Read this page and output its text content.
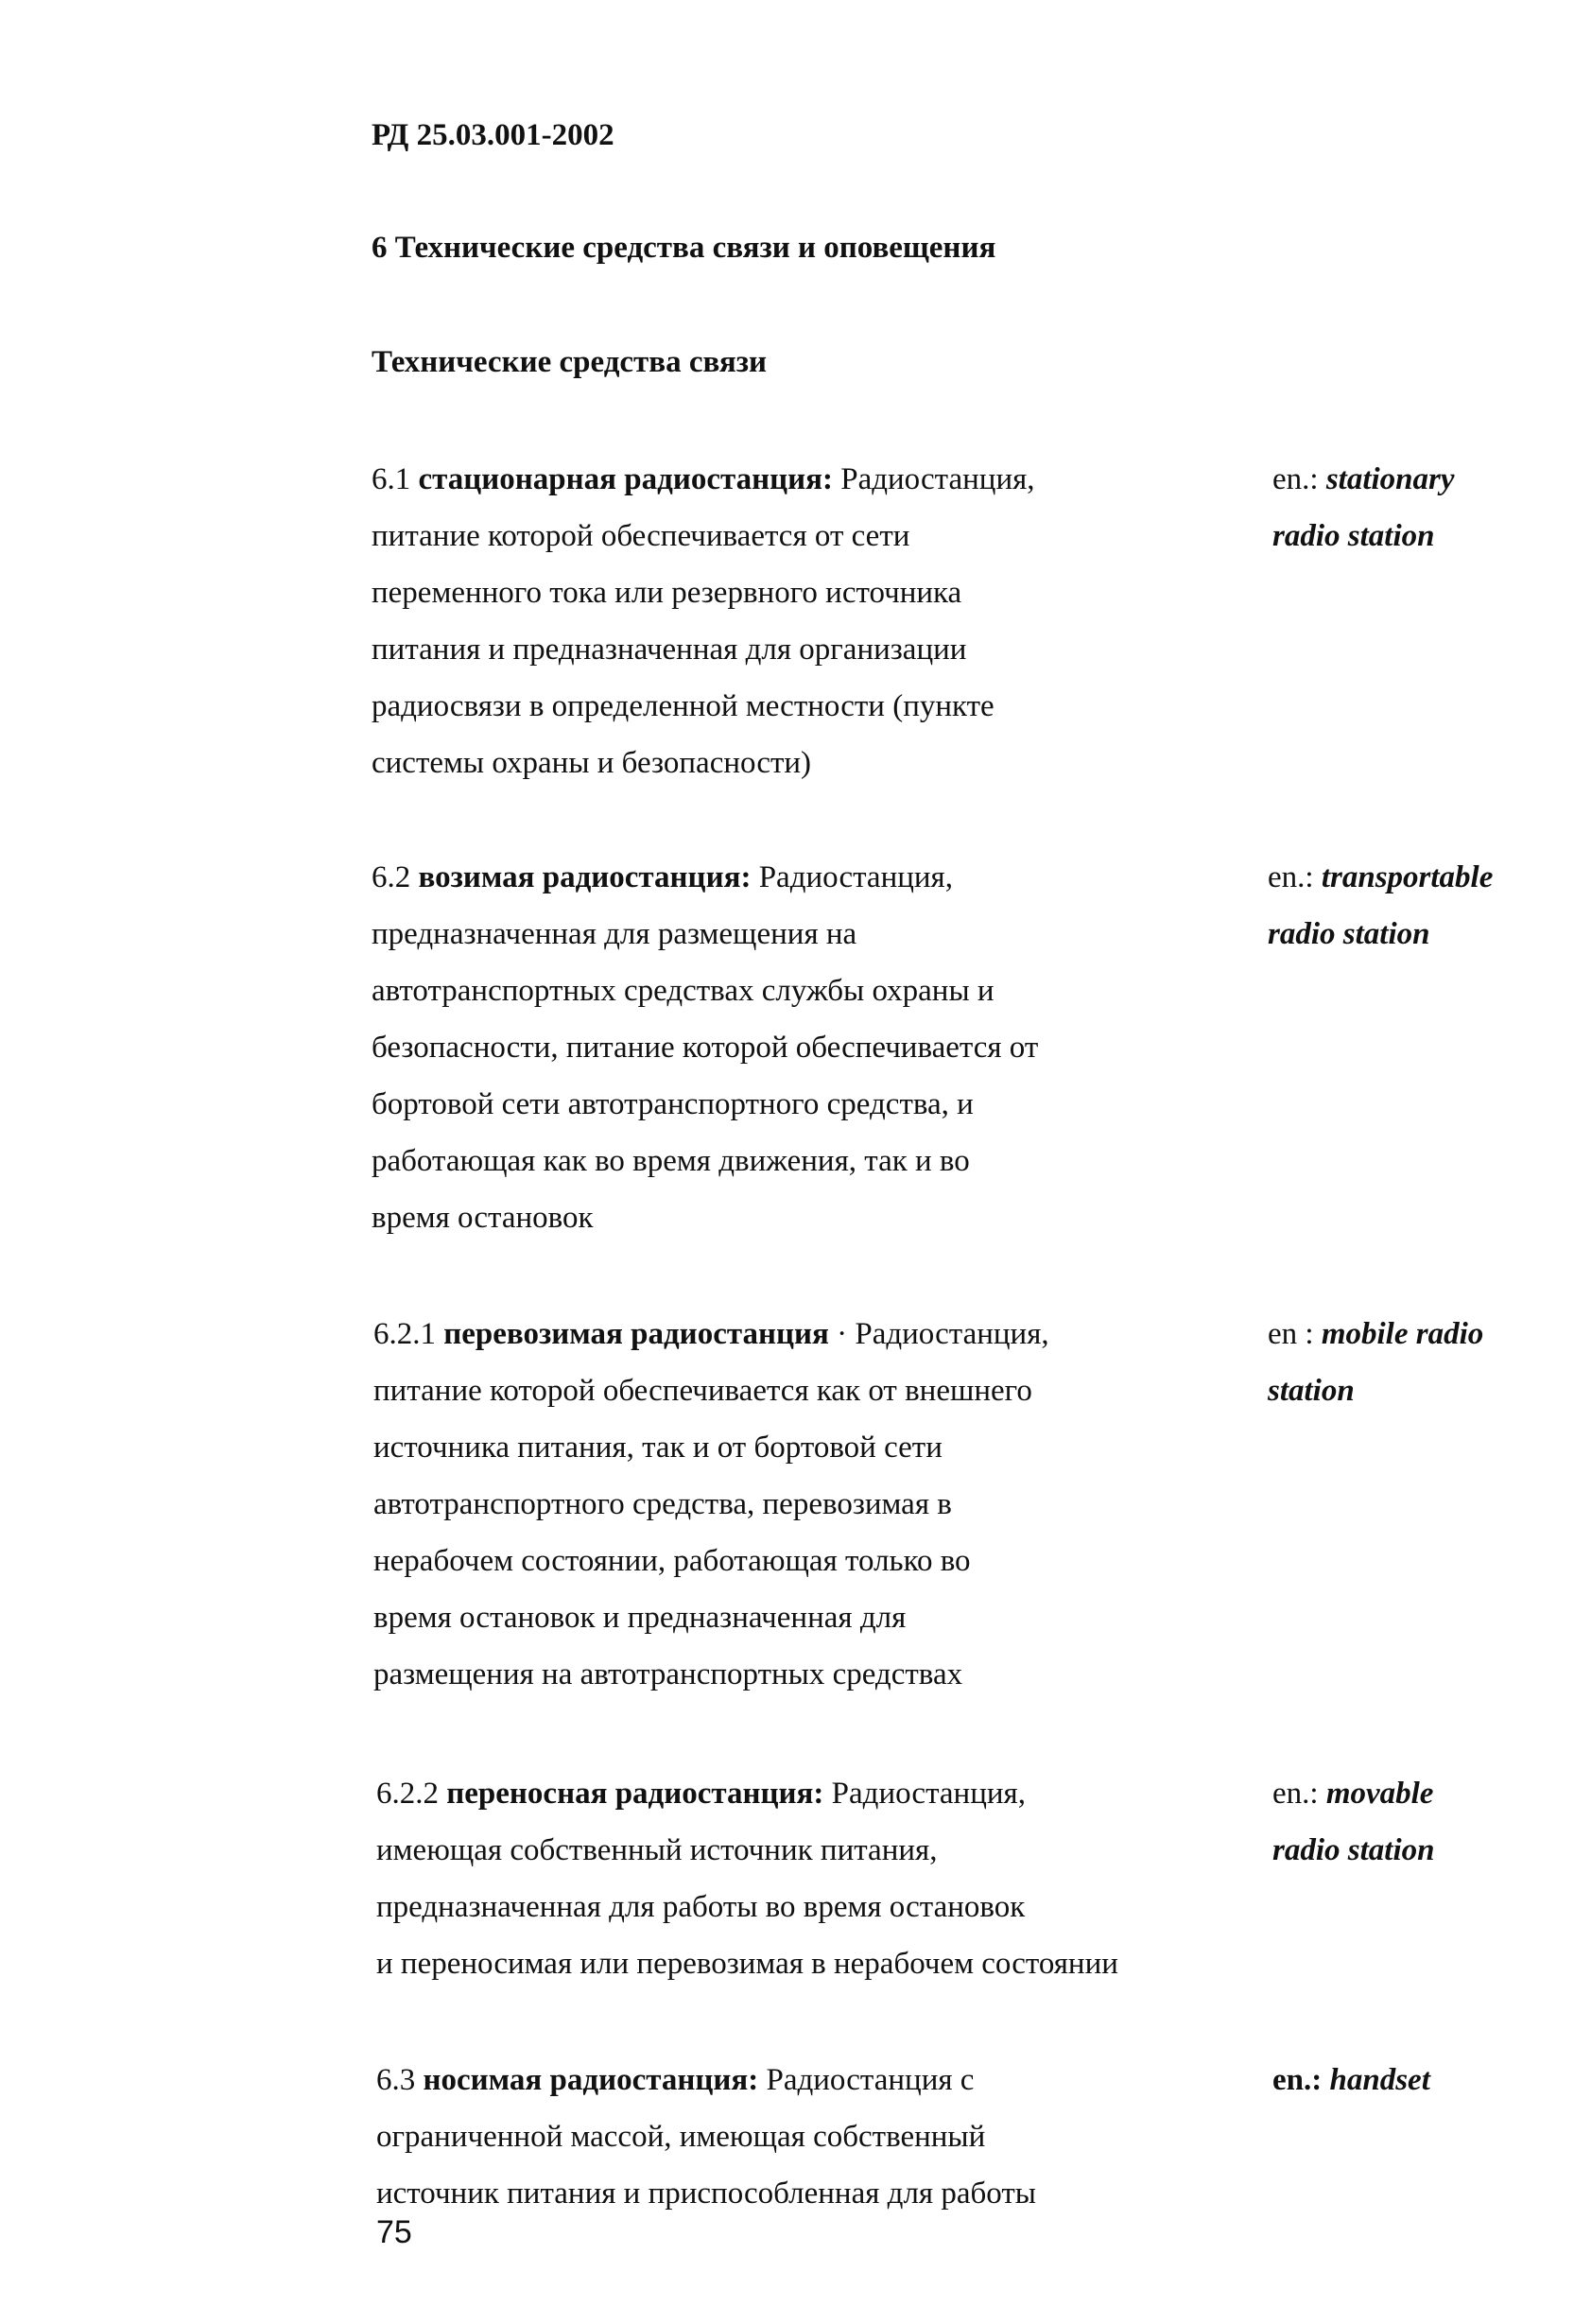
РД 25.03.001-2002
6 Технические средства связи и оповещения
Технические средства связи
6.1 стационарная радиостанция: Радиостанция,
питание которой обеспечивается от сети
переменного тока или резервного источника
питания и предназначенная для организации
радиосвязи в определенной местности (пункте
системы охраны и безопасности)
en.: stationary
radio station
6.2 возимая радиостанция: Радиостанция,
предназначенная для размещения на
автотранспортных средствах службы охраны и
безопасности, питание которой обеспечивается от
бортовой сети автотранспортного средства, и
работающая как во время движения, так и во
время остановок
en.: transportable
radio station
6.2.1 перевозимая радиостанция · Радиостанция,
питание которой обеспечивается как от внешнего
источника питания, так и от бортовой сети
автотранспортного средства, перевозимая в
нерабочем состоянии, работающая только во
время остановок и предназначенная для
размещения на автотранспортных средствах
en : mobile radio
station
6.2.2 переносная радиостанция: Радиостанция,
имеющая собственный источник питания,
предназначенная для работы во время остановок
и переносимая или перевозимая в нерабочем состоянии
en.: movable
radio station
6.3 носимая радиостанция: Радиостанция с
ограниченной массой, имеющая собственный
источник питания и приспособленная для работы
en.: handset
75
